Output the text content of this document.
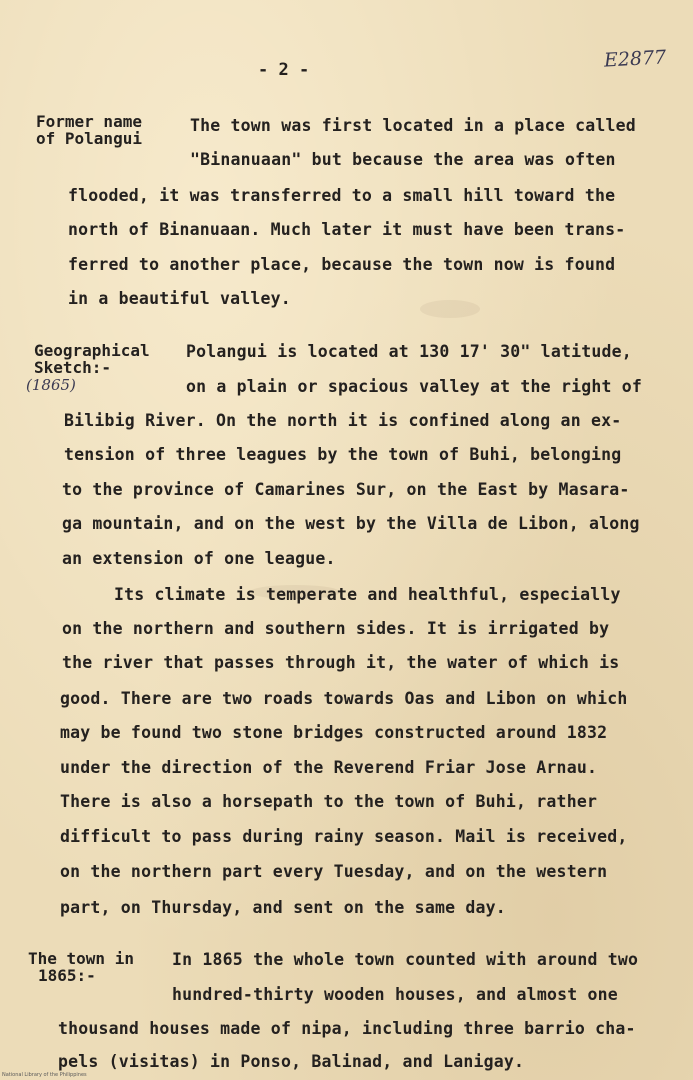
- 2 -	E2877
Former name
of Polangui
The town was first located in a place called
"Binanuaan" but because the area was often
flooded, it was transferred to a small hill toward the
north of Binanuaan. Much later it must have been trans-
ferred to another place, because the town now is found
in a beautiful valley.
Geographical
Sketch:-
(1865)
Polangui is located at 130 17' 30" latitude,
on a plain or spacious valley at the right of
Bilibig River. On the north it is confined along an ex-
tension of three leagues by the town of Buhi, belonging
to the province of Camarines Sur, on the East by Masara-
ga mountain, and on the west by the Villa de Libon, along
an extension of one league.
Its climate is temperate and healthful, especially
on the northern and southern sides. It is irrigated by
the river that passes through it, the water of which is
good. There are two roads towards Oas and Libon on which
may be found two stone bridges constructed around 1832
under the direction of the Reverend Friar Jose Arnau.
There is also a horsepath to the town of Buhi, rather
difficult to pass during rainy season. Mail is received,
on the northern part every Tuesday, and on the western
part, on Thursday, and sent on the same day.
The town in
1865:-
In 1865 the whole town counted with around two
hundred-thirty wooden houses, and almost one
thousand houses made of nipa, including three barrio cha-
pels (visitas) in Ponso, Balinad, and Lanigay.
National Library of the Philippines
